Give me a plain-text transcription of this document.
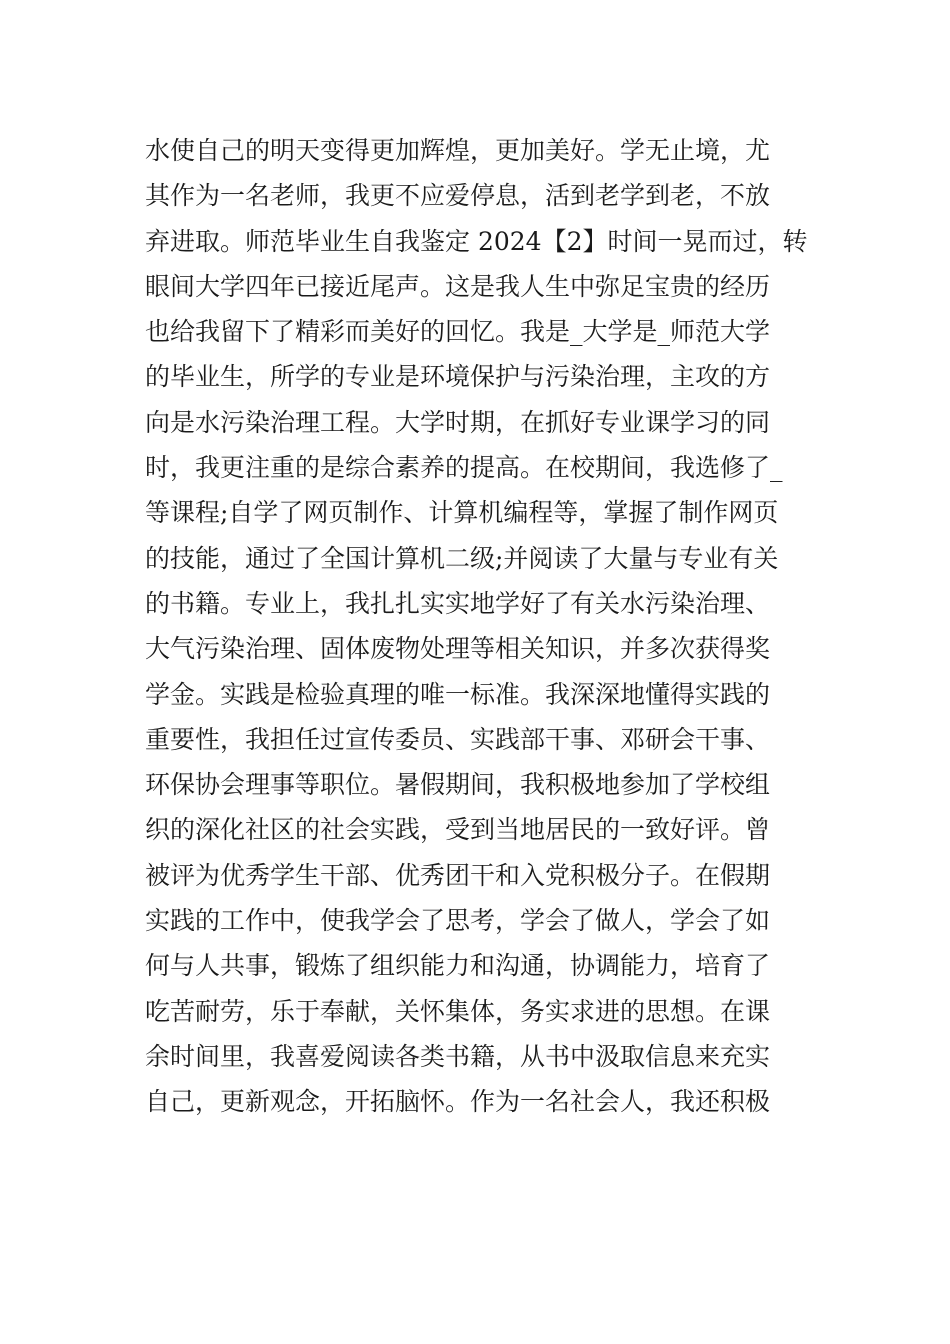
水使自己的明天变得更加辉煌，更加美好。学无止境，尤
其作为一名老师，我更不应爱停息，活到老学到老，不放
弃进取。师范毕业生自我鉴定 2024【2】时间一晃而过，转
眼间大学四年已接近尾声。这是我人生中弥足宝贵的经历
也给我留下了精彩而美好的回忆。我是_大学是_师范大学
的毕业生，所学的专业是环境保护与污染治理，主攻的方
向是水污染治理工程。大学时期，在抓好专业课学习的同
时，我更注重的是综合素养的提高。在校期间，我选修了_
等课程;自学了网页制作、计算机编程等，掌握了制作网页
的技能，通过了全国计算机二级;并阅读了大量与专业有关
的书籍。专业上，我扎扎实实地学好了有关水污染治理、
大气污染治理、固体废物处理等相关知识，并多次获得奖
学金。实践是检验真理的唯一标准。我深深地懂得实践的
重要性，我担任过宣传委员、实践部干事、邓研会干事、
环保协会理事等职位。暑假期间，我积极地参加了学校组
织的深化社区的社会实践，受到当地居民的一致好评。曾
被评为优秀学生干部、优秀团干和入党积极分子。在假期
实践的工作中，使我学会了思考，学会了做人，学会了如
何与人共事，锻炼了组织能力和沟通，协调能力，培育了
吃苦耐劳，乐于奉献，关怀集体，务实求进的思想。在课
余时间里，我喜爱阅读各类书籍，从书中汲取信息来充实
自己，更新观念，开拓脑怀。作为一名社会人，我还积极
